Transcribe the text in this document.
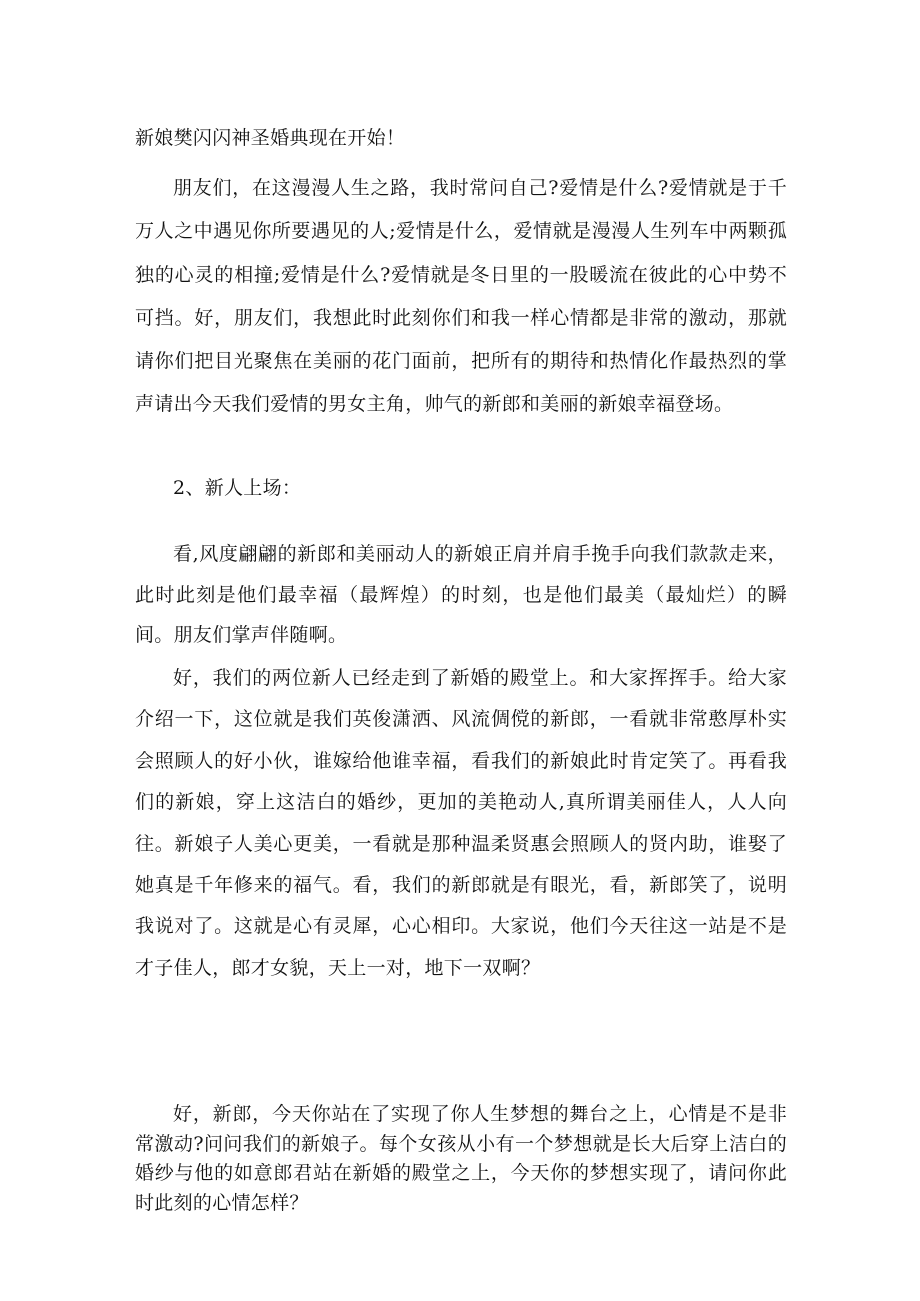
新娘樊闪闪神圣婚典现在开始！

朋友们，在这漫漫人生之路，我时常问自己?爱情是什么?爱情就是于千万人之中遇见你所要遇见的人;爱情是什么，爱情就是漫漫人生列车中两颗孤独的心灵的相撞;爱情是什么?爱情就是冬日里的一股暖流在彼此的心中势不可挡。好，朋友们，我想此时此刻你们和我一样心情都是非常的激动，那就请你们把目光聚焦在美丽的花门面前，把所有的期待和热情化作最热烈的掌声请出今天我们爱情的男女主角，帅气的新郎和美丽的新娘幸福登场。

2、新人上场：

看,风度翩翩的新郎和美丽动人的新娘正肩并肩手挽手向我们款款走来，此时此刻是他们最幸福（最辉煌）的时刻，也是他们最美（最灿烂）的瞬间。朋友们掌声伴随啊。

好，我们的两位新人已经走到了新婚的殿堂上。和大家挥挥手。给大家介绍一下，这位就是我们英俊潇洒、风流倜傥的新郎，一看就非常憨厚朴实会照顾人的好小伙，谁嫁给他谁幸福，看我们的新娘此时肯定笑了。再看我们的新娘，穿上这洁白的婚纱，更加的美艳动人,真所谓美丽佳人，人人向往。新娘子人美心更美，一看就是那种温柔贤惠会照顾人的贤内助，谁娶了她真是千年修来的福气。看，我们的新郎就是有眼光，看，新郎笑了，说明我说对了。这就是心有灵犀，心心相印。大家说，他们今天往这一站是不是才子佳人，郎才女貌，天上一对，地下一双啊？

好，新郎，今天你站在了实现了你人生梦想的舞台之上，心情是不是非常激动?问问我们的新娘子。每个女孩从小有一个梦想就是长大后穿上洁白的婚纱与他的如意郎君站在新婚的殿堂之上，今天你的梦想实现了，请问你此时此刻的心情怎样？
